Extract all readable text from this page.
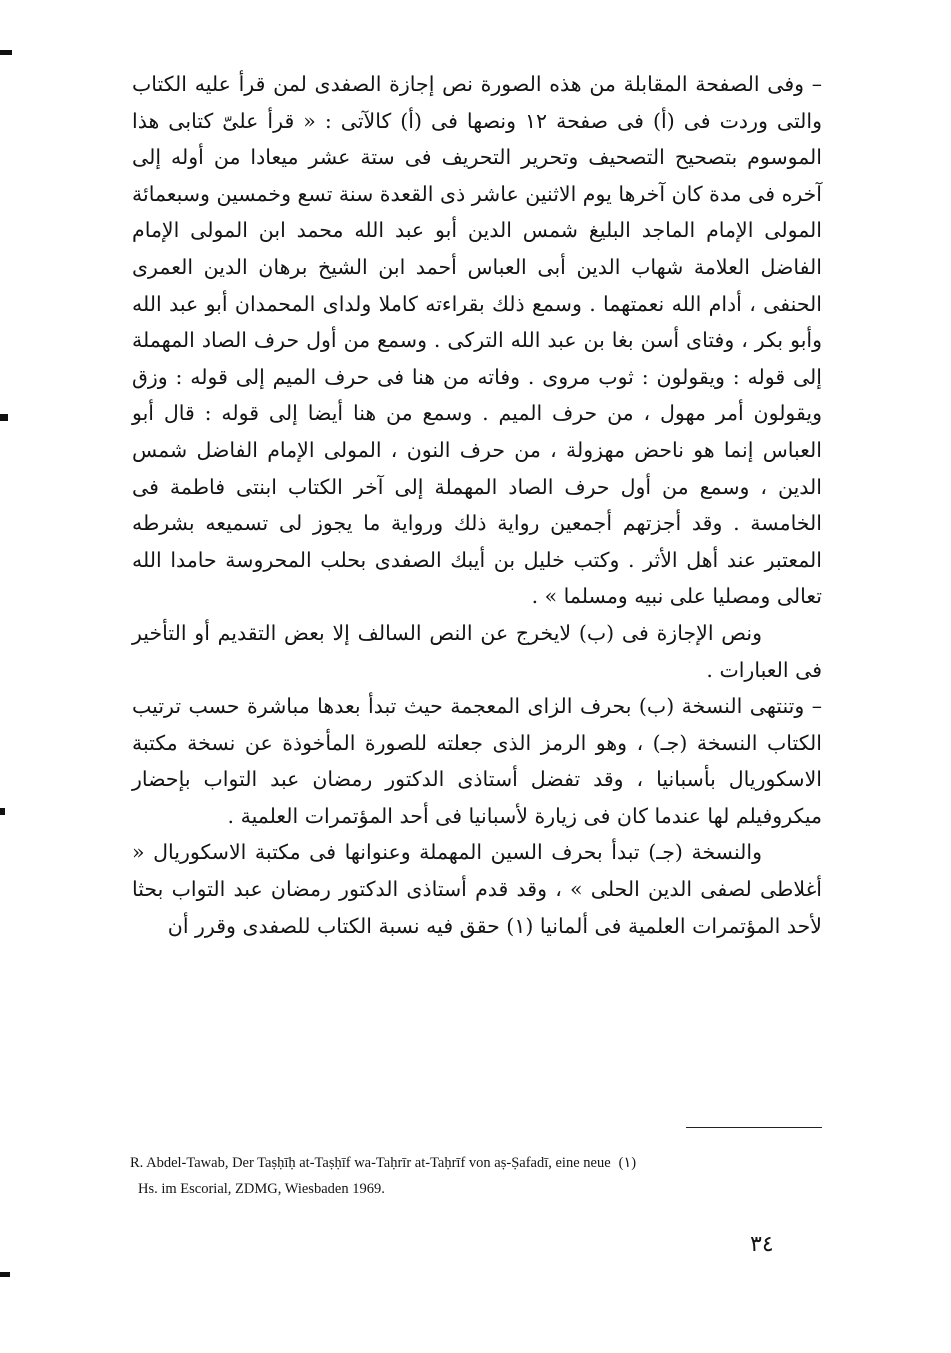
– وفى الصفحة المقابلة من هذه الصورة نص إجازة الصفدى لمن قرأ عليه الكتاب والتى وردت فى (أ) فى صفحة ١٢ ونصها فى (أ) كالآتى : « قرأ علىّ كتابى هذا الموسوم بتصحيح التصحيف وتحرير التحريف فى ستة عشر ميعادا من أوله إلى آخره فى مدة كان آخرها يوم الاثنين عاشر ذى القعدة سنة تسع وخمسين وسبعمائة المولى الإمام الماجد البليغ شمس الدين أبو عبد الله محمد ابن المولى الإمام الفاضل العلامة شهاب الدين أبى العباس أحمد ابن الشيخ برهان الدين العمرى الحنفى ، أدام الله نعمتهما . وسمع ذلك بقراءته كاملا ولداى المحمدان أبو عبد الله وأبو بكر ، وفتاى أسن بغا بن عبد الله التركى . وسمع من أول حرف الصاد المهملة إلى قوله : ويقولون : ثوب مروى . وفاته من هنا فى حرف الميم إلى قوله : وزق ويقولون أمر مهول ، من حرف الميم . وسمع من هنا أيضا إلى قوله : قال أبو العباس إنما هو ناحض مهزولة ، من حرف النون ، المولى الإمام الفاضل شمس الدين ، وسمع من أول حرف الصاد المهملة إلى آخر الكتاب ابنتى فاطمة فى الخامسة . وقد أجزتهم أجمعين رواية ذلك ورواية ما يجوز لى تسميعه بشرطه المعتبر عند أهل الأثر . وكتب خليل بن أيبك الصفدى بحلب المحروسة حامدا الله تعالى ومصليا على نبيه ومسلما » .

ونص الإجازة فى (ب) لايخرج عن النص السالف إلا بعض التقديم أو التأخير فى العبارات .

– وتنتهى النسخة (ب) بحرف الزاى المعجمة حيث تبدأ بعدها مباشرة حسب ترتيب الكتاب النسخة (جـ) ، وهو الرمز الذى جعلته للصورة المأخوذة عن نسخة مكتبة الاسكوريال بأسبانيا ، وقد تفضل أستاذى الدكتور رمضان عبد التواب بإحضار ميكروفيلم لها عندما كان فى زيارة لأسبانيا فى أحد المؤتمرات العلمية .

والنسخة (جـ) تبدأ بحرف السين المهملة وعنوانها فى مكتبة الاسكوريال « أغلاطى لصفى الدين الحلى » ، وقد قدم أستاذى الدكتور رمضان عبد التواب بحثا لأحد المؤتمرات العلمية فى ألمانيا (١) حقق فيه نسبة الكتاب للصفدى وقرر أن

R. Abdel-Tawab, Der Taṣḥīḥ at-Taṣḥīf wa-Taḥrīr at-Taḥrīf von aṣ-Ṣafadī, eine neue (١)
Hs. im Escorial, ZDMG, Wiesbaden 1969.
٣٤
